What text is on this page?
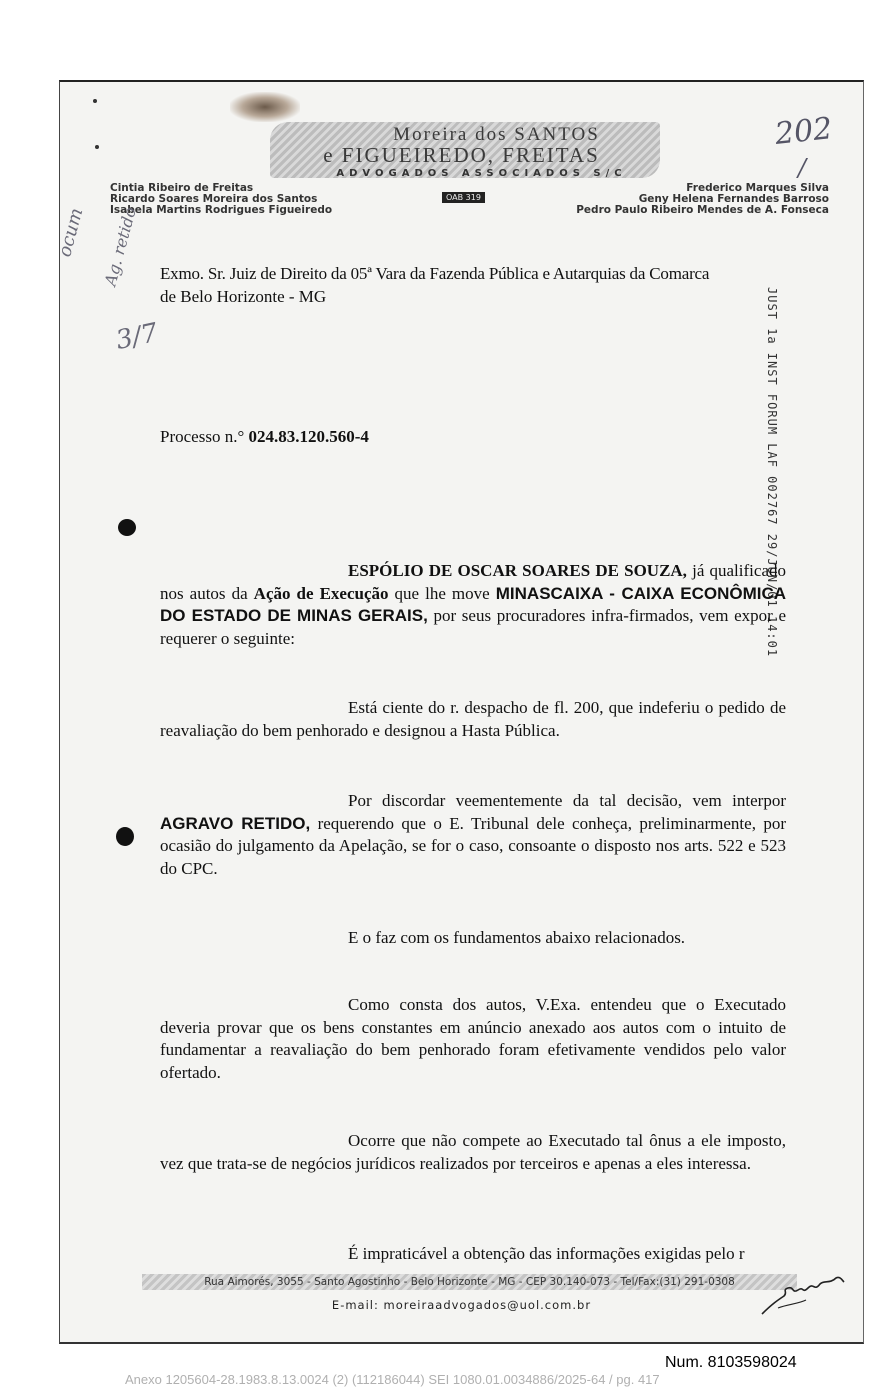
Moreira dos SANTOS
e FIGUEIREDO, FREITAS
ADVOGADOS ASSOCIADOS S/C
Cintia Ribeiro de Freitas
Ricardo Soares Moreira dos Santos
Isabela Martins Rodrigues Figueiredo
OAB 319
Frederico Marques Silva
Geny Helena Fernandes Barroso
Pedro Paulo Ribeiro Mendes de A. Fonseca
202
/
ocum Ag. retido
3/7	JUST 1a INST FORUM LAF 002767 29/JUN/01 14:01

Exmo. Sr. Juiz de Direito da 05ª Vara da Fazenda Pública e Autarquias da Comarca

de Belo Horizonte - MG

Processo n.° 024.83.120.560-4

ESPÓLIO DE OSCAR SOARES DE SOUZA, já qualificado nos autos da Ação de Execução que lhe move MINASCAIXA - CAIXA ECONÔMICA DO ESTADO DE MINAS GERAIS, por seus procuradores infra-firmados, vem expor e requerer o seguinte:

Está ciente do r. despacho de fl. 200, que indeferiu o pedido de reavaliação do bem penhorado e designou a Hasta Pública.

Por discordar veementemente da tal decisão, vem interpor AGRAVO RETIDO, requerendo que o E. Tribunal dele conheça, preliminarmente, por ocasião do julgamento da Apelação, se for o caso, consoante o disposto nos arts. 522 e 523 do CPC.

E o faz com os fundamentos abaixo relacionados.

Como consta dos autos, V.Exa. entendeu que o Executado deveria provar que os bens constantes em anúncio anexado aos autos com o intuito de fundamentar a reavaliação do bem penhorado foram efetivamente vendidos pelo valor ofertado.

Ocorre que não compete ao Executado tal ônus a ele imposto, vez que trata-se de negócios jurídicos realizados por terceiros e apenas a eles interessa.

É impraticável a obtenção das informações exigidas pelo r

Rua Aimorés, 3055 - Santo Agostinho - Belo Horizonte - MG - CEP 30.140-073 - Tel/Fax:(31) 291-0308
E-mail: moreiraadvogados@uol.com.br
Num. 8103598024
Anexo 1205604-28.1983.8.13.0024 (2) (112186044) SEI 1080.01.0034886/2025-64 / pg. 417
